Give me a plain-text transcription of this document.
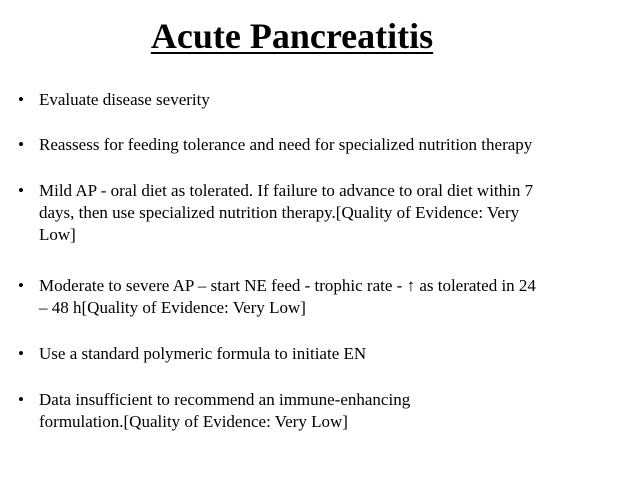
Acute Pancreatitis
• Evaluate disease severity
• Reassess for feeding tolerance and need for specialized nutrition therapy
• Mild AP - oral diet as tolerated. If failure to advance to oral diet within 7
days, then use specialized nutrition therapy.[Quality of Evidence: Very
Low]
• Moderate to severe AP – start NE feed - trophic rate - ↑ as tolerated in 24
– 48 h[Quality of Evidence: Very Low]
• Use a standard polymeric formula to initiate EN
• Data insufficient to recommend an immune-enhancing
formulation.[Quality of Evidence: Very Low]
